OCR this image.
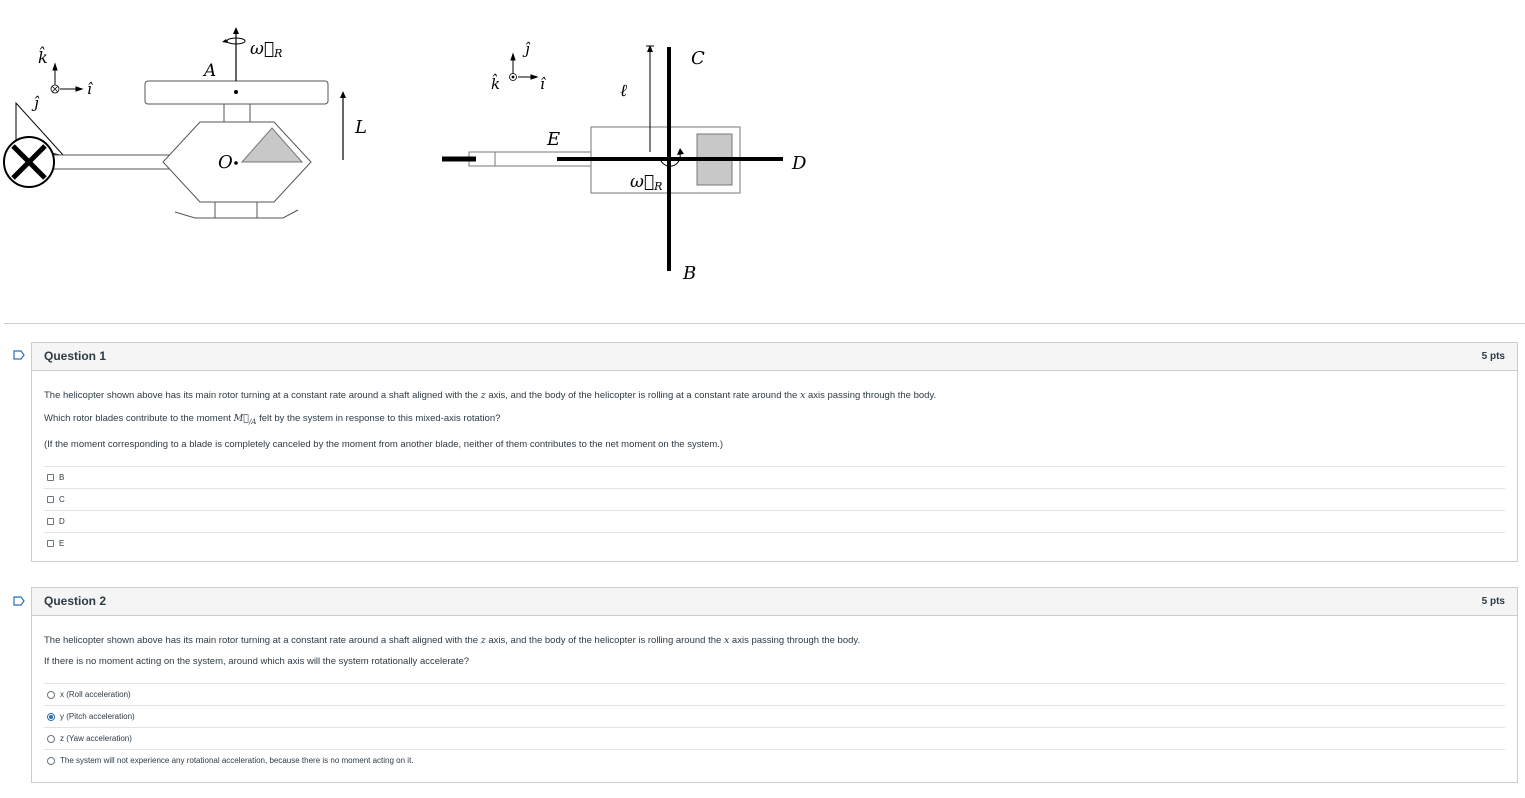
k̂
î
ĵ
ω⃗R
A
O
L
ĵ
k̂	î	ℓ
C
E
D
B
ω⃗R
Question 1	5 pts

The helicopter shown above has its main rotor turning at a constant rate around a shaft aligned with the z axis, and the body of the helicopter is rolling at a constant rate around the x axis passing through the body.

Which rotor blades contribute to the moment $M⃗_{/A}$ felt by the system in response to this mixed-axis rotation?

(If the moment corresponding to a blade is completely canceled by the moment from another blade, neither of them contributes to the net moment on the system.)

B
C
D
E
Question 2	5 pts

The helicopter shown above has its main rotor turning at a constant rate around a shaft aligned with the z axis, and the body of the helicopter is rolling around the x axis passing through the body.

If there is no moment acting on the system, around which axis will the system rotationally accelerate?

x (Roll acceleration)
y (Pitch acceleration)
z (Yaw acceleration)
The system will not experience any rotational acceleration, because there is no moment acting on it.
